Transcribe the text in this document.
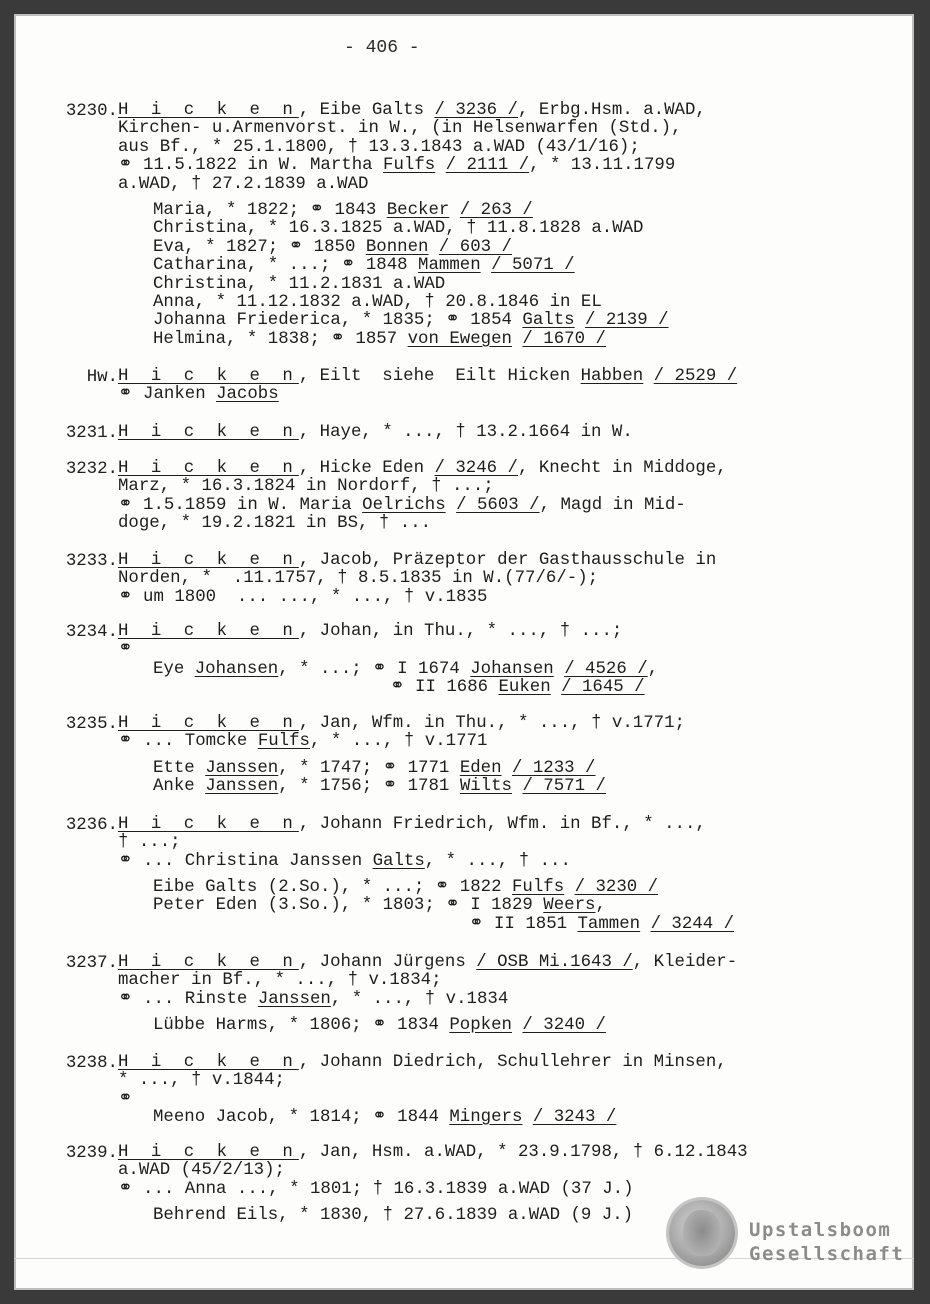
- 406 -
3230. H i c k e n, Eibe Galts / 3236 /, Erbg.Hsm. a.WAD,
Kirchen- u.Armenvorst. in W., (in Helsenwarfen (Std.),
aus Bf., * 25.1.1800, † 13.3.1843 a.WAD (43/1/16);
⚭ 11.5.1822 in W. Martha Fulfs / 2111 /, * 13.11.1799
a.WAD, † 27.2.1839 a.WAD
Maria, * 1822; ⚭ 1843 Becker / 263 /
Christina, * 16.3.1825 a.WAD, † 11.8.1828 a.WAD
Eva, * 1827; ⚭ 1850 Bonnen / 603 /
Catharina, * ...; ⚭ 1848 Mammen / 5071 /
Christina, * 11.2.1831 a.WAD
Anna, * 11.12.1832 a.WAD, † 20.8.1846 in EL
Johanna Friederica, * 1835; ⚭ 1854 Galts / 2139 /
Helmina, * 1838; ⚭ 1857 von Ewegen / 1670 /
Hw. H i c k e n, Eilt  siehe  Eilt Hicken Habben / 2529 /
⚭ Janken Jacobs
3231. H i c k e n, Haye, * ..., † 13.2.1664 in W.
3232. H i c k e n, Hicke Eden / 3246 /, Knecht in Middoge,
Marz, * 16.3.1824 in Nordorf, † ...;
⚭ 1.5.1859 in W. Maria Oelrichs / 5603 /, Magd in Mid-
doge, * 19.2.1821 in BS, † ...
3233. H i c k e n, Jacob, Präzeptor der Gasthausschule in
Norden, *  .11.1757, † 8.5.1835 in W.(77/6/-);
⚭ um 1800  ... ..., * ..., † v.1835
3234. H i c k e n, Johan, in Thu., * ..., † ...;
⚭
Eye Johansen, * ...; ⚭ I 1674 Johansen / 4526 /,
⚭ II 1686 Euken / 1645 /
3235. H i c k e n, Jan, Wfm. in Thu., * ..., † v.1771;
⚭ ... Tomcke Fulfs, * ..., † v.1771
Ette Janssen, * 1747; ⚭ 1771 Eden / 1233 /
Anke Janssen, * 1756; ⚭ 1781 Wilts / 7571 /
3236. H i c k e n, Johann Friedrich, Wfm. in Bf., * ...,
† ...;
⚭ ... Christina Janssen Galts, * ..., † ...
Eibe Galts (2.So.), * ...; ⚭ 1822 Fulfs / 3230 /
Peter Eden (3.So.), * 1803; ⚭ I 1829 Weers,
⚭ II 1851 Tammen / 3244 /
3237. H i c k e n, Johann Jürgens / OSB Mi.1643 /, Kleider-
macher in Bf., * ..., † v.1834;
⚭ ... Rinste Janssen, * ..., † v.1834
Lübbe Harms, * 1806; ⚭ 1834 Popken / 3240 /
3238. H i c k e n, Johann Diedrich, Schullehrer in Minsen,
* ..., † v.1844;
⚭
Meeno Jacob, * 1814; ⚭ 1844 Mingers / 3243 /
3239. H i c k e n, Jan, Hsm. a.WAD, * 23.9.1798, † 6.12.1843
a.WAD (45/2/13);
⚭ ... Anna ..., * 1801; † 16.3.1839 a.WAD (37 J.)
Behrend Eils, * 1830, † 27.6.1839 a.WAD (9 J.)
Upstalsboom
Gesellschaft
